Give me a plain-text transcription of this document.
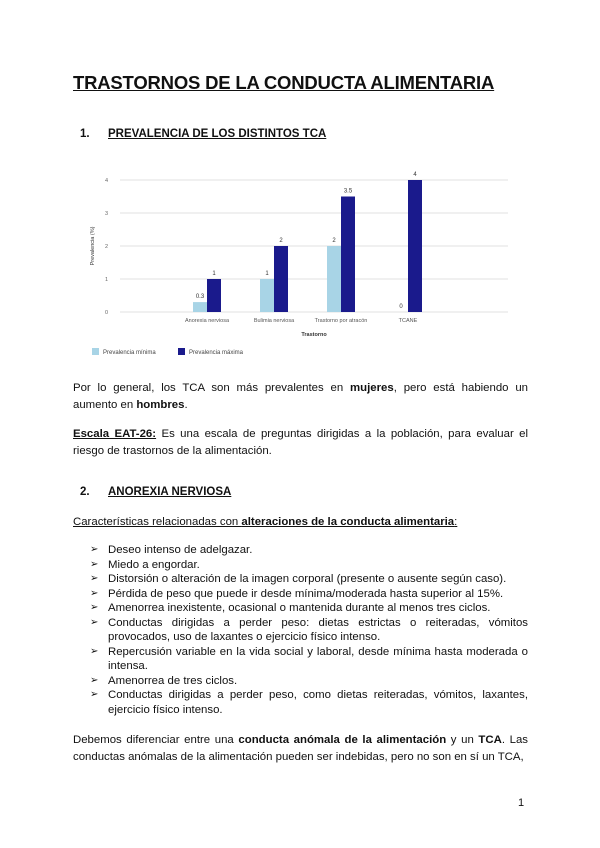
TRASTORNOS DE LA CONDUCTA ALIMENTARIA
1. PREVALENCIA DE LOS DISTINTOS TCA
0
1
2
3
4
Prevalencia (%)
0.3
1
Anorexia nerviosa
1
2
Bulimia nerviosa
2
3.5
Trastorno por atracón
0
4
TCANE
Trastorno
Prevalencia mínima	Prevalencia máxima
Por lo general, los TCA son más prevalentes en mujeres, pero está habiendo un aumento en hombres.
Escala EAT-26: Es una escala de preguntas dirigidas a la población, para evaluar el riesgo de trastornos de la alimentación.
2. ANOREXIA NERVIOSA
Características relacionadas con alteraciones de la conducta alimentaria:
➢ Deseo intenso de adelgazar.
➢ Miedo a engordar.
➢ Distorsión o alteración de la imagen corporal (presente o ausente según caso).
➢ Pérdida de peso que puede ir desde mínima/moderada hasta superior al 15%.
➢ Amenorrea inexistente, ocasional o mantenida durante al menos tres ciclos.
➢ Conductas dirigidas a perder peso: dietas estrictas o reiteradas, vómitos provocados, uso de laxantes o ejercicio físico intenso.
➢ Repercusión variable en la vida social y laboral, desde mínima hasta moderada o intensa.
➢ Amenorrea de tres ciclos.
➢ Conductas dirigidas a perder peso, como dietas reiteradas, vómitos, laxantes, ejercicio físico intenso.
Debemos diferenciar entre una conducta anómala de la alimentación y un TCA. Las conductas anómalas de la alimentación pueden ser indebidas, pero no son en sí un TCA,
1
